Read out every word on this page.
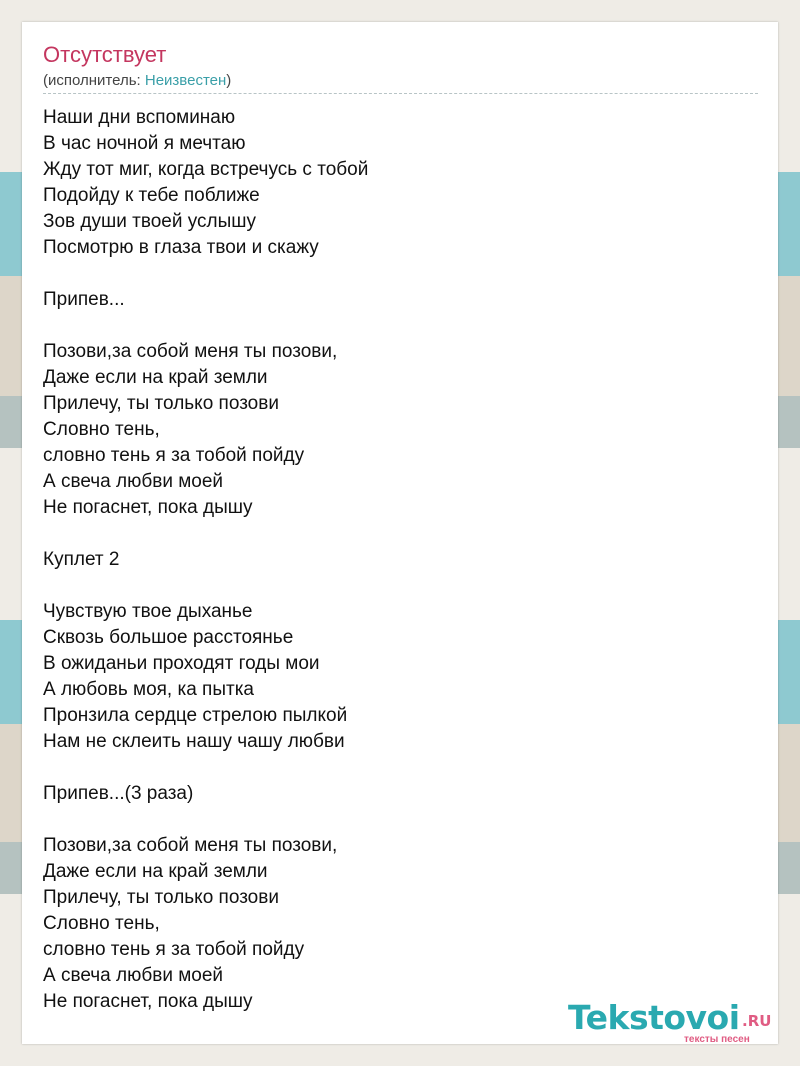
Отсутствует
(исполнитель: Неизвестен)
Наши дни вспоминаю
В час ночной я мечтаю
Жду тот миг, когда встречусь с тобой
Подойду к тебе поближе
Зов души твоей услышу
Посмотрю в глаза твои и скажу
Припев...
Позови,за собой меня ты позови,
Даже если на край земли
Прилечу, ты только позови
Словно тень,
словно тень я за тобой пойду
А свеча любви моей
Не погаснет, пока дышу
Куплет 2
Чувствую твое дыханье
Сквозь большое расстоянье
В ожиданьи проходят годы мои
А любовь моя, ка пытка
Пронзила сердце стрелою пылкой
Нам не склеить нашу чашу любви
Припев...(3 раза)
Позови,за собой меня ты позови,
Даже если на край земли
Прилечу, ты только позови
Словно тень,
словно тень я за тобой пойду
А свеча любви моей
Не погаснет, пока дышу	Tekstovoi .RU
тексты песен
